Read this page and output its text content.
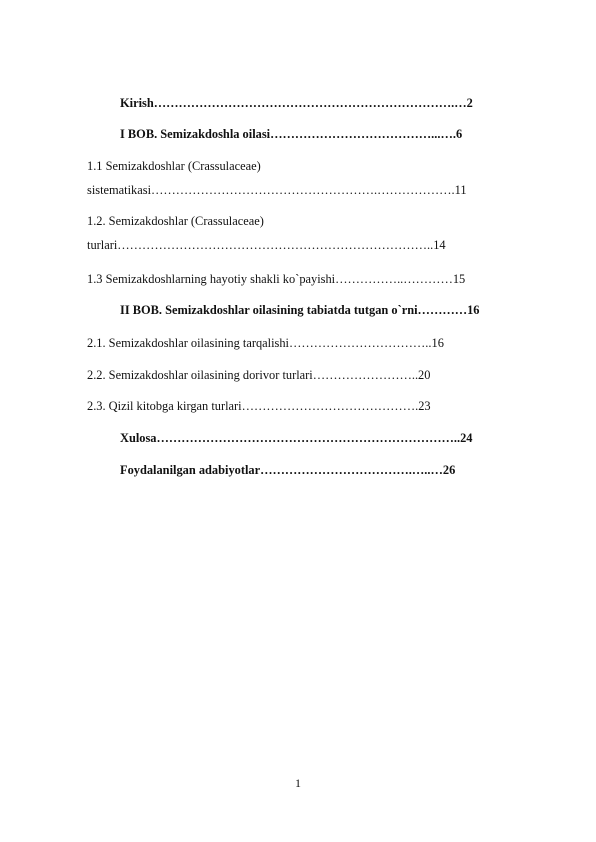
Kirish……………………………………………………………….…2
I BOB. Semizakdoshla oilasi…………………………………...….6
1.1 Semizakdoshlar (Crassulaceae)
sistematikasi……………………………………………….……………….11
1.2. Semizakdoshlar (Crassulaceae)
turlari…………………………………………………………………..14
1.3 Semizakdoshlarning hayotiy shakli ko`payishi……………..…………15
II BOB. Semizakdoshlar oilasining tabiatda tutgan o`rni…………16
2.1. Semizakdoshlar oilasining tarqalishi……………………………..16
2.2. Semizakdoshlar oilasining dorivor turlari……………………..20
2.3. Qizil kitobga kirgan turlari…………………………………….23
Xulosa………………………………………………………………..24
Foydalanilgan adabiyotlar……………………………….…..…26
1
